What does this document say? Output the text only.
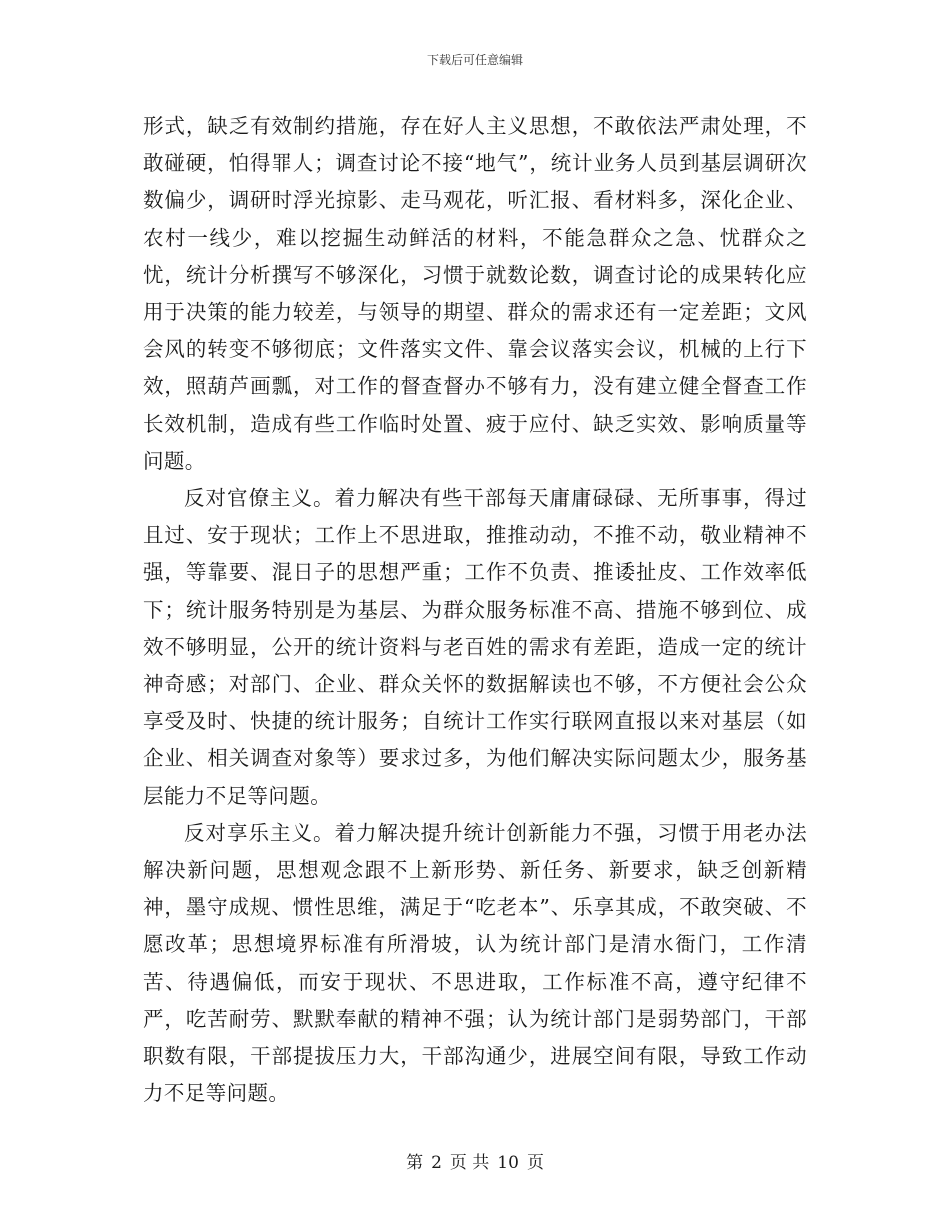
下载后可任意编辑

形式，缺乏有效制约措施，存在好人主义思想，不敢依法严肃处理，不敢碰硬，怕得罪人；调查讨论不接“地气”，统计业务人员到基层调研次数偏少，调研时浮光掠影、走马观花，听汇报、看材料多，深化企业、农村一线少，难以挖掘生动鲜活的材料，不能急群众之急、忧群众之忧，统计分析撰写不够深化，习惯于就数论数，调查讨论的成果转化应用于决策的能力较差，与领导的期望、群众的需求还有一定差距；文风会风的转变不够彻底；文件落实文件、靠会议落实会议，机械的上行下效，照葫芦画瓢，对工作的督查督办不够有力，没有建立健全督查工作长效机制，造成有些工作临时处置、疲于应付、缺乏实效、影响质量等问题。

反对官僚主义。着力解决有些干部每天庸庸碌碌、无所事事，得过且过、安于现状；工作上不思进取，推推动动，不推不动，敬业精神不强，等靠要、混日子的思想严重；工作不负责、推诿扯皮、工作效率低下；统计服务特别是为基层、为群众服务标准不高、措施不够到位、成效不够明显，公开的统计资料与老百姓的需求有差距，造成一定的统计神奇感；对部门、企业、群众关怀的数据解读也不够，不方便社会公众享受及时、快捷的统计服务；自统计工作实行联网直报以来对基层（如企业、相关调查对象等）要求过多，为他们解决实际问题太少，服务基层能力不足等问题。

反对享乐主义。着力解决提升统计创新能力不强，习惯于用老办法解决新问题，思想观念跟不上新形势、新任务、新要求，缺乏创新精神，墨守成规、惯性思维，满足于“吃老本”、乐享其成，不敢突破、不愿改革；思想境界标准有所滑坡，认为统计部门是清水衙门，工作清苦、待遇偏低，而安于现状、不思进取，工作标准不高，遵守纪律不严，吃苦耐劳、默默奉献的精神不强；认为统计部门是弱势部门，干部职数有限，干部提拔压力大，干部沟通少，进展空间有限，导致工作动力不足等问题。

第 2 页 共 10 页
